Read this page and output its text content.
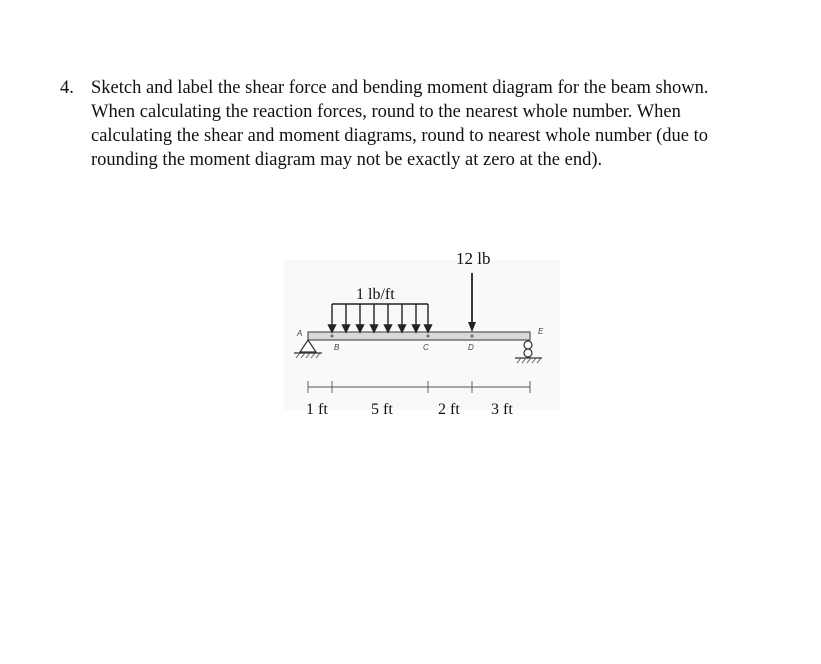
4. Sketch and label the shear force and bending moment diagram for the beam shown.
When calculating the reaction forces, round to the nearest whole number. When
calculating the shear and moment diagrams, round to nearest whole number (due to
rounding the moment diagram may not be exactly at zero at the end).
1 lb/ft
12 lb
A
B	C	D
E
1 ft	5 ft	2 ft 3 ft
